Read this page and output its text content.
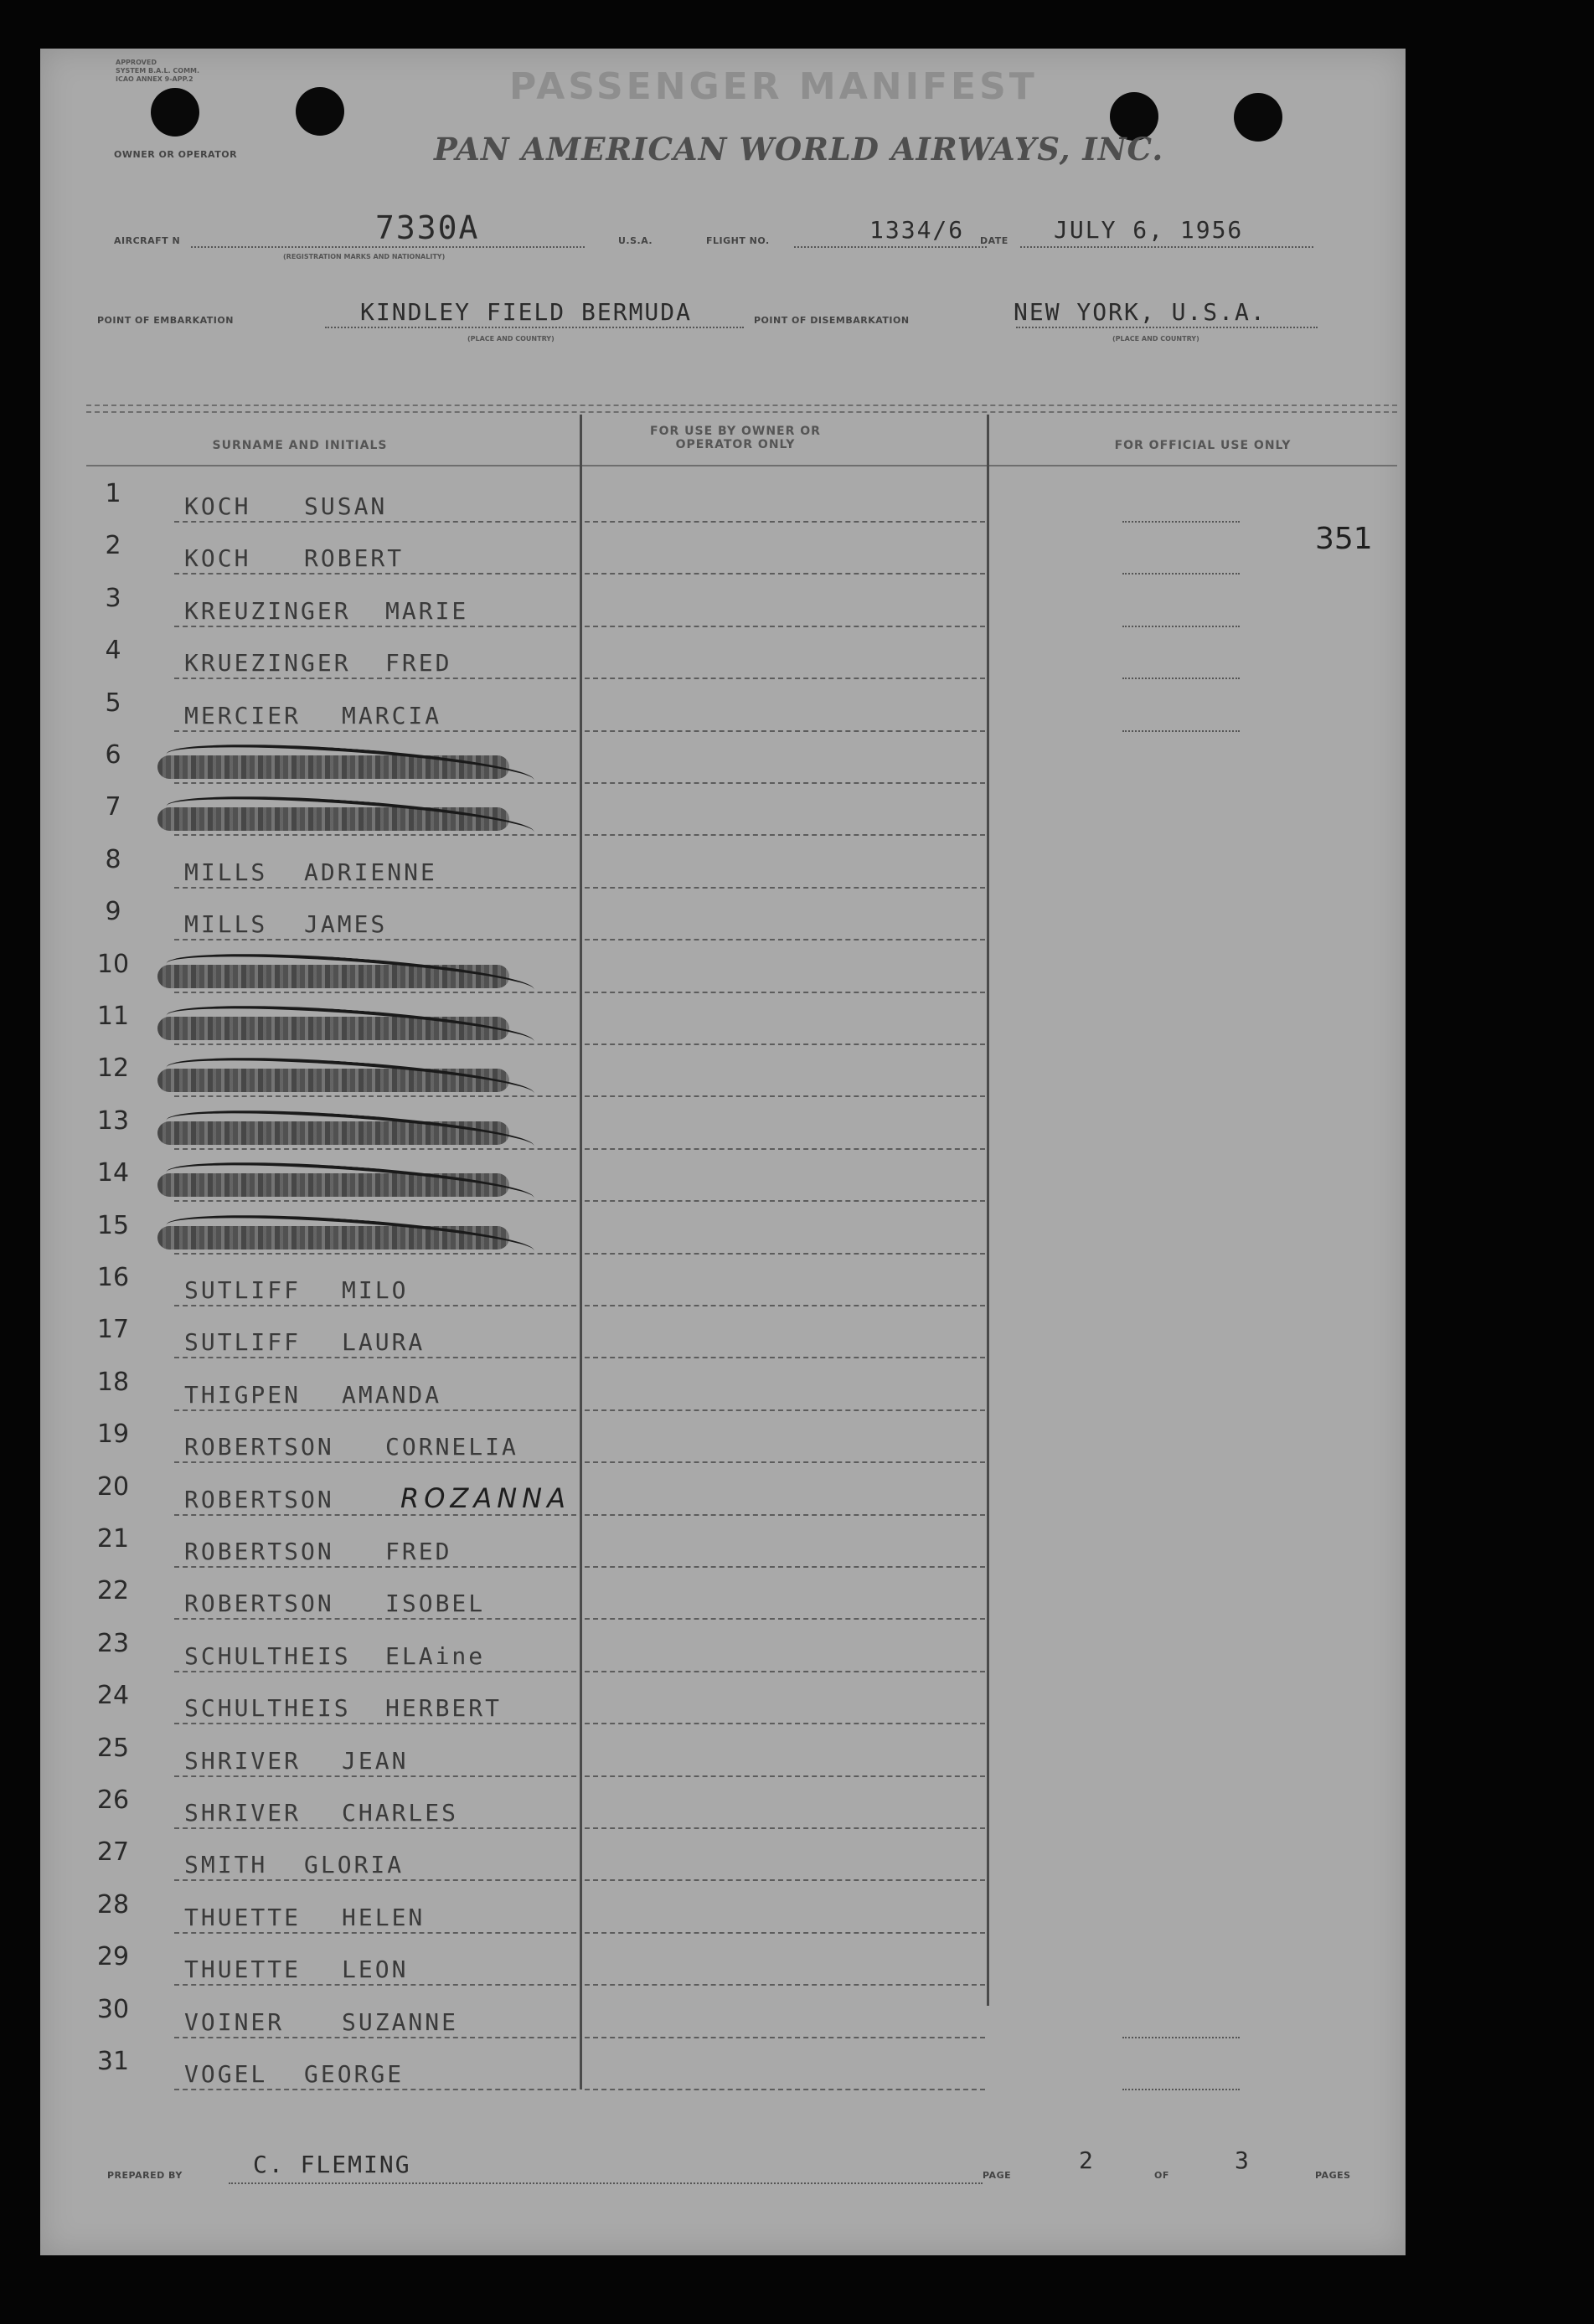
APPROVED
SYSTEM B.A.L. COMM.
ICAO ANNEX 9-APP.2	PASSENGER MANIFEST
OWNER OR OPERATOR	PAN AMERICAN WORLD AIRWAYS, INC.
AIRCRAFT N	7330A
(REGISTRATION MARKS AND NATIONALITY)
U.S.A.	FLIGHT NO.	1334/6 DATE JULY 6, 1956
POINT OF EMBARKATION	KINDLEY FIELD BERMUDA
(PLACE AND COUNTRY)
POINT OF DISEMBARKATION	NEW YORK, U.S.A.
(PLACE AND COUNTRY)
SURNAME AND INITIALS
FOR USE BY OWNER OR OPERATOR ONLY	FOR OFFICIAL USE ONLY
351
1	KOCH SUSAN
2	KOCH ROBERT
3	KREUZINGER MARIE
4	KRUEZINGER FRED
5	MERCIER MARCIA
6
7
8	MILLS ADRIENNE
9	MILLS JAMES
10
11
12
13
14
15
16 SUTLIFF MILO
17 SUTLIFF LAURA
18 THIGPEN AMANDA
19 ROBERTSON CORNELIA
20 ROBERTSON ROZANNA
21 ROBERTSON FRED
22 ROBERTSON ISOBEL
23 SCHULTHEIS ELAine
24 SCHULTHEIS HERBERT
25 SHRIVER JEAN
26 SHRIVER CHARLES
27 SMITH GLORIA
28 THUETTE HELEN
29 THUETTE LEON
30 VOINER SUZANNE
31 VOGEL GEORGE
PREPARED BY	C. FLEMING	PAGE
2
OF
3
PAGES
